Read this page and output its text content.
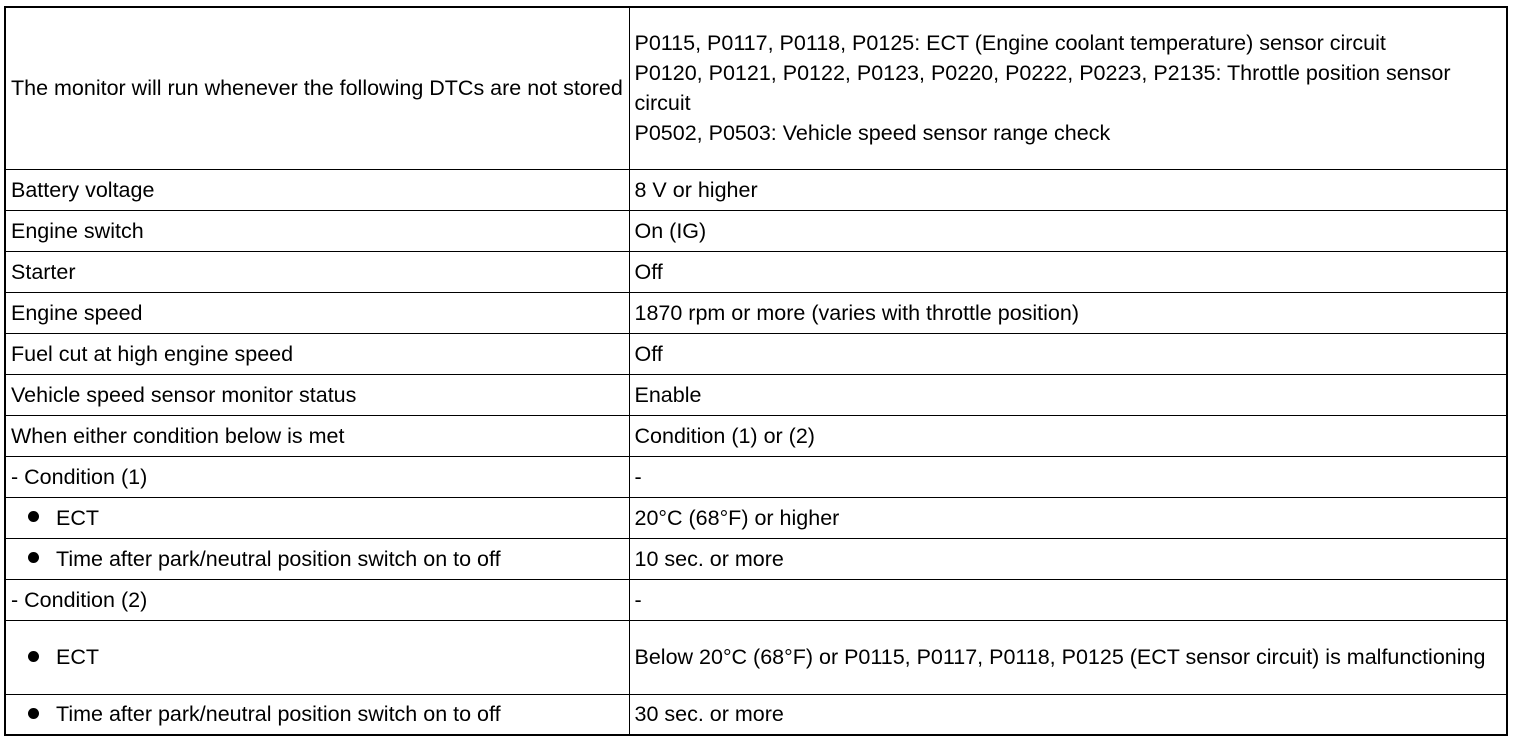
The monitor will run whenever the following DTCs are not stored	P0115, P0117, P0118, P0125: ECT (Engine coolant temperature) sensor circuit
P0120, P0121, P0122, P0123, P0220, P0222, P0223, P2135: Throttle position sensor circuit
P0502, P0503: Vehicle speed sensor range check

Battery voltage	8 V or higher
Engine switch	On (IG)
Starter	Off
Engine speed	1870 rpm or more (varies with throttle position)
Fuel cut at high engine speed	Off
Vehicle speed sensor monitor status	Enable
When either condition below is met	Condition (1) or (2)
- Condition (1)	-
ECT	20°C (68°F) or higher
Time after park/neutral position switch on to off	10 sec. or more
- Condition (2)	-
ECT	Below 20°C (68°F) or P0115, P0117, P0118, P0125 (ECT sensor circuit) is malfunctioning
Time after park/neutral position switch on to off	30 sec. or more
